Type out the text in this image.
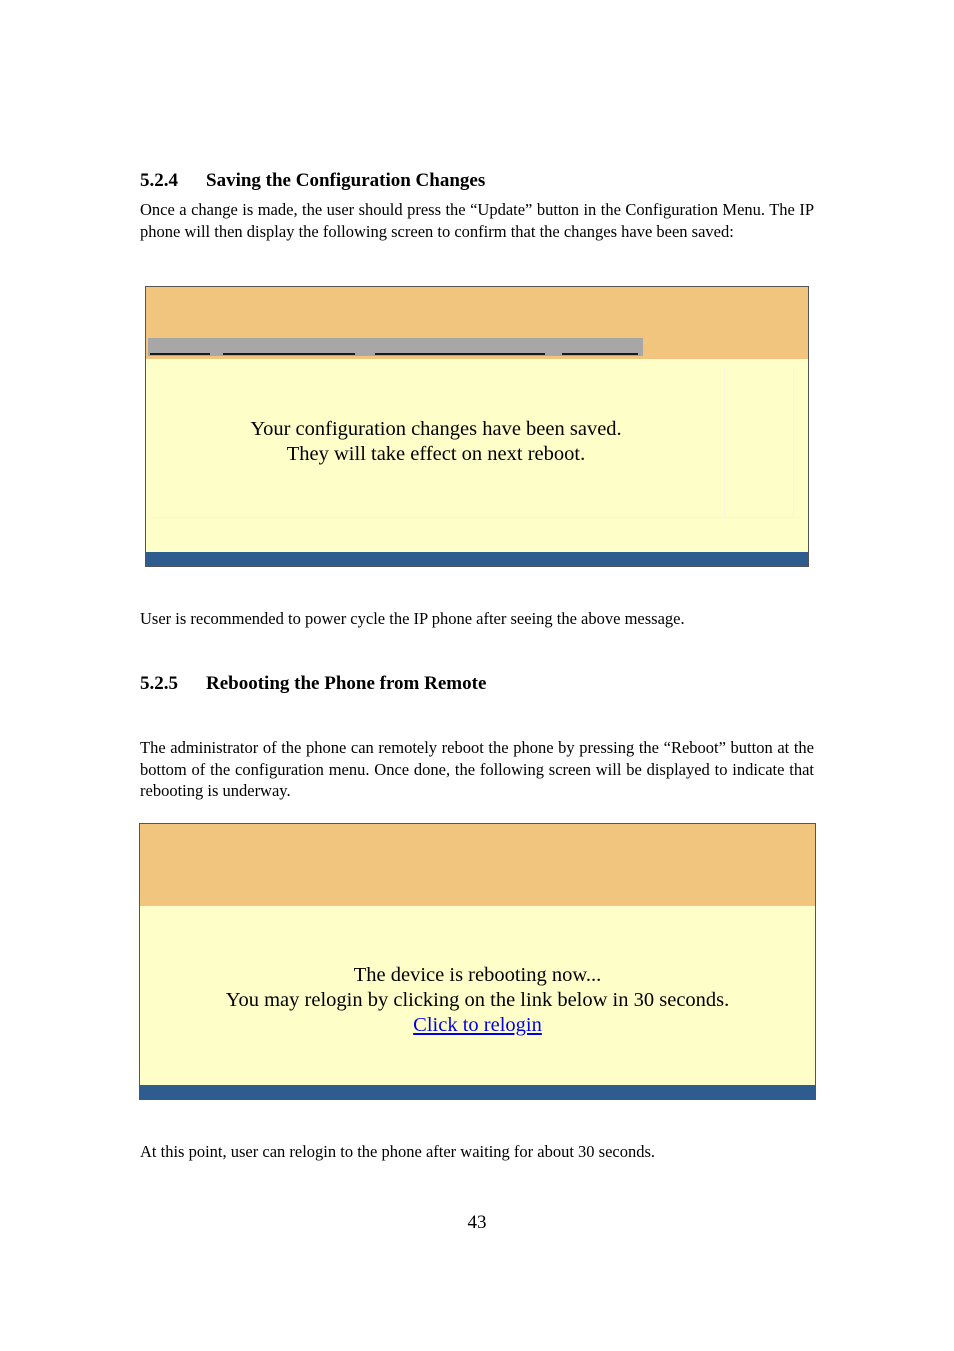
5.2.4 Saving the Configuration Changes
Once a change is made, the user should press the “Update” button in the Configuration Menu. The IP phone will then display the following screen to confirm that the changes have been saved:
Your configuration changes have been saved.
They will take effect on next reboot.
User is recommended to power cycle the IP phone after seeing the above message.
5.2.5 Rebooting the Phone from Remote
The administrator of the phone can remotely reboot the phone by pressing the “Reboot” button at the bottom of the configuration menu. Once done, the following screen will be displayed to indicate that rebooting is underway.
The device is rebooting now...
You may relogin by clicking on the link below in 30 seconds.
Click to relogin
At this point, user can relogin to the phone after waiting for about 30 seconds.
43
